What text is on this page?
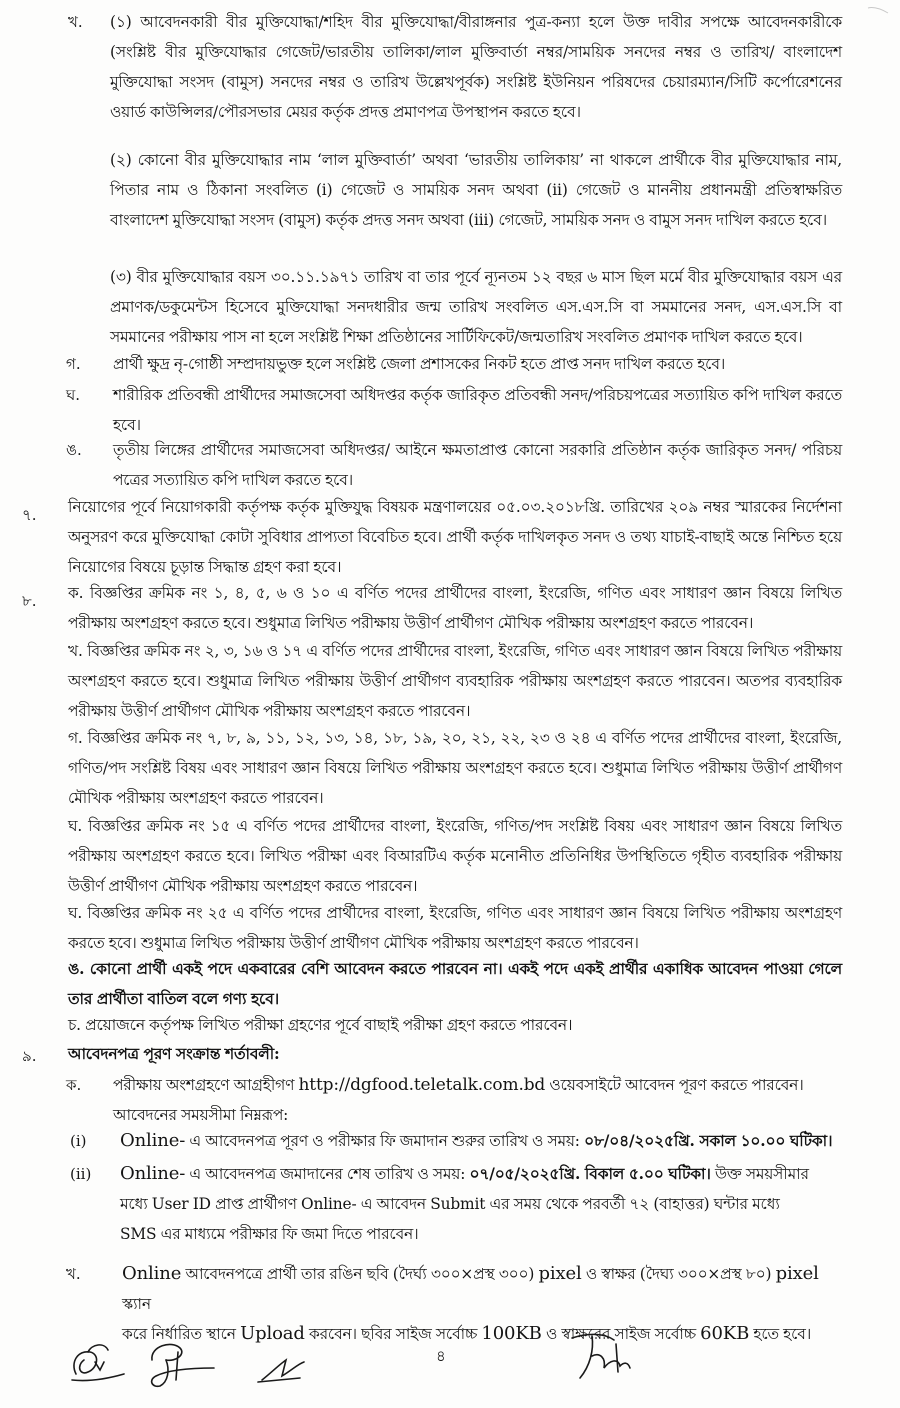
খ. (১) আবেদনকারী বীর মুক্তিযোদ্ধা/শহিদ বীর মুক্তিযোদ্ধা/বীরাঙ্গনার পুত্র-কন্যা হলে উক্ত দাবীর সপক্ষে আবেদনকারীকে (সংশ্লিষ্ট বীর মুক্তিযোদ্ধার গেজেট/ভারতীয় তালিকা/লাল মুক্তিবার্তা নম্বর/সাময়িক সনদের নম্বর ও তারিখ/ বাংলাদেশ মুক্তিযোদ্ধা সংসদ (বামুস) সনদের নম্বর ও তারিখ উল্লেখপূর্বক) সংশ্লিষ্ট ইউনিয়ন পরিষদের চেয়ারম্যান/সিটি কর্পোরেশনের ওয়ার্ড কাউন্সিলর/পৌরসভার মেয়র কর্তৃক প্রদত্ত প্রমাণপত্র উপস্থাপন করতে হবে।
(২) কোনো বীর মুক্তিযোদ্ধার নাম ‘লাল মুক্তিবার্তা’ অথবা ‘ভারতীয় তালিকায়’ না থাকলে প্রার্থীকে বীর মুক্তিযোদ্ধার নাম, পিতার নাম ও ঠিকানা সংবলিত (i) গেজেট ও সাময়িক সনদ অথবা (ii) গেজেট ও মাননীয় প্রধানমন্ত্রী প্রতিস্বাক্ষরিত বাংলাদেশ মুক্তিযোদ্ধা সংসদ (বামুস) কর্তৃক প্রদত্ত সনদ অথবা (iii) গেজেট, সাময়িক সনদ ও বামুস সনদ দাখিল করতে হবে।
(৩) বীর মুক্তিযোদ্ধার বয়স ৩০.১১.১৯৭১ তারিখ বা তার পূর্বে ন্যূনতম ১২ বছর ৬ মাস ছিল মর্মে বীর মুক্তিযোদ্ধার বয়স এর প্রমাণক/ডকুমেন্টস হিসেবে মুক্তিযোদ্ধা সনদধারীর জন্ম তারিখ সংবলিত এস.এস.সি বা সমমানের সনদ, এস.এস.সি বা সমমানের পরীক্ষায় পাস না হলে সংশ্লিষ্ট শিক্ষা প্রতিষ্ঠানের সার্টিফিকেট/জন্মতারিখ সংবলিত প্রমাণক দাখিল করতে হবে।
গ. প্রার্থী ক্ষুদ্র নৃ-গোষ্ঠী সম্প্রদায়ভুক্ত হলে সংশ্লিষ্ট জেলা প্রশাসকের নিকট হতে প্রাপ্ত সনদ দাখিল করতে হবে।
ঘ. শারীরিক প্রতিবন্ধী প্রার্থীদের সমাজসেবা অধিদপ্তর কর্তৃক জারিকৃত প্রতিবন্ধী সনদ/পরিচয়পত্রের সত্যায়িত কপি দাখিল করতে হবে।
ঙ. তৃতীয় লিঙ্গের প্রার্থীদের সমাজসেবা অধিদপ্তর/ আইনে ক্ষমতাপ্রাপ্ত কোনো সরকারি প্রতিষ্ঠান কর্তৃক জারিকৃত সনদ/ পরিচয় পত্রের সত্যায়িত কপি দাখিল করতে হবে।
৭. নিয়োগের পূর্বে নিয়োগকারী কর্তৃপক্ষ কর্তৃক মুক্তিযুদ্ধ বিষয়ক মন্ত্রণালয়ের ০৫.০৩.২০১৮খ্রি. তারিখের ২০৯ নম্বর স্মারকের নির্দেশনা অনুসরণ করে মুক্তিযোদ্ধা কোটা সুবিধার প্রাপ্যতা বিবেচিত হবে। প্রার্থী কর্তৃক দাখিলকৃত সনদ ও তথ্য যাচাই-বাছাই অন্তে নিশ্চিত হয়ে নিয়োগের বিষয়ে চূড়ান্ত সিদ্ধান্ত গ্রহণ করা হবে।
৮. ক. বিজ্ঞপ্তির ক্রমিক নং ১, ৪, ৫, ৬ ও ১০ এ বর্ণিত পদের প্রার্থীদের বাংলা, ইংরেজি, গণিত এবং সাধারণ জ্ঞান বিষয়ে লিখিত পরীক্ষায় অংশগ্রহণ করতে হবে। শুধুমাত্র লিখিত পরীক্ষায় উত্তীর্ণ প্রার্থীগণ মৌখিক পরীক্ষায় অংশগ্রহণ করতে পারবেন।
খ. বিজ্ঞপ্তির ক্রমিক নং ২, ৩, ১৬ ও ১৭ এ বর্ণিত পদের প্রার্থীদের বাংলা, ইংরেজি, গণিত এবং সাধারণ জ্ঞান বিষয়ে লিখিত পরীক্ষায় অংশগ্রহণ করতে হবে। শুধুমাত্র লিখিত পরীক্ষায় উত্তীর্ণ প্রার্থীগণ ব্যবহারিক পরীক্ষায় অংশগ্রহণ করতে পারবেন। অতপর ব্যবহারিক পরীক্ষায় উত্তীর্ণ প্রার্থীগণ মৌখিক পরীক্ষায় অংশগ্রহণ করতে পারবেন।
গ. বিজ্ঞপ্তির ক্রমিক নং ৭, ৮, ৯, ১১, ১২, ১৩, ১৪, ১৮, ১৯, ২০, ২১, ২২, ২৩ ও ২৪ এ বর্ণিত পদের প্রার্থীদের বাংলা, ইংরেজি, গণিত/পদ সংশ্লিষ্ট বিষয় এবং সাধারণ জ্ঞান বিষয়ে লিখিত পরীক্ষায় অংশগ্রহণ করতে হবে। শুধুমাত্র লিখিত পরীক্ষায় উত্তীর্ণ প্রার্থীগণ মৌখিক পরীক্ষায় অংশগ্রহণ করতে পারবেন।
ঘ. বিজ্ঞপ্তির ক্রমিক নং ১৫ এ বর্ণিত পদের প্রার্থীদের বাংলা, ইংরেজি, গণিত/পদ সংশ্লিষ্ট বিষয় এবং সাধারণ জ্ঞান বিষয়ে লিখিত পরীক্ষায় অংশগ্রহণ করতে হবে। লিখিত পরীক্ষা এবং বিআরটিএ কর্তৃক মনোনীত প্রতিনিধির উপস্থিতিতে গৃহীত ব্যবহারিক পরীক্ষায় উত্তীর্ণ প্রার্থীগণ মৌখিক পরীক্ষায় অংশগ্রহণ করতে পারবেন।
ঘ. বিজ্ঞপ্তির ক্রমিক নং ২৫ এ বর্ণিত পদের প্রার্থীদের বাংলা, ইংরেজি, গণিত এবং সাধারণ জ্ঞান বিষয়ে লিখিত পরীক্ষায় অংশগ্রহণ করতে হবে। শুধুমাত্র লিখিত পরীক্ষায় উত্তীর্ণ প্রার্থীগণ মৌখিক পরীক্ষায় অংশগ্রহণ করতে পারবেন।
ঙ. কোনো প্রার্থী একই পদে একবারের বেশি আবেদন করতে পারবেন না। একই পদে একই প্রার্থীর একাধিক আবেদন পাওয়া গেলে তার প্রার্থীতা বাতিল বলে গণ্য হবে।
চ. প্রয়োজনে কর্তৃপক্ষ লিখিত পরীক্ষা গ্রহণের পূর্বে বাছাই পরীক্ষা গ্রহণ করতে পারবেন।
৯. আবেদনপত্র পূরণ সংক্রান্ত শর্তাবলী:
ক. পরীক্ষায় অংশগ্রহণে আগ্রহীগণ http://dgfood.teletalk.com.bd ওয়েবসাইটে আবেদন পূরণ করতে পারবেন।
আবেদনের সময়সীমা নিম্নরূপ:
(i) Online- এ আবেদনপত্র পূরণ ও পরীক্ষার ফি জমাদান শুরুর তারিখ ও সময়: ০৮/০৪/২০২৫খ্রি. সকাল ১০.০০ ঘটিকা।
(ii) Online- এ আবেদনপত্র জমাদানের শেষ তারিখ ও সময়: ০৭/০৫/২০২৫খ্রি. বিকাল ৫.০০ ঘটিকা। উক্ত সময়সীমার
মধ্যে User ID প্রাপ্ত প্রার্থীগণ Online- এ আবেদন Submit এর সময় থেকে পরবর্তী ৭২ (বাহাত্তর) ঘন্টার মধ্যে
SMS এর মাধ্যমে পরীক্ষার ফি জমা দিতে পারবেন।
খ. Online আবেদনপত্রে প্রার্থী তার রঙিন ছবি (দৈর্ঘ্য ৩০০×প্রস্থ ৩০০) pixel ও স্বাক্ষর (দৈঘ্য ৩০০×প্রস্থ ৮০) pixel স্ক্যান
করে নির্ধারিত স্থানে Upload করবেন। ছবির সাইজ সর্বোচ্চ 100KB ও স্বাক্ষরের সাইজ সর্বোচ্চ 60KB হতে হবে।
৪
